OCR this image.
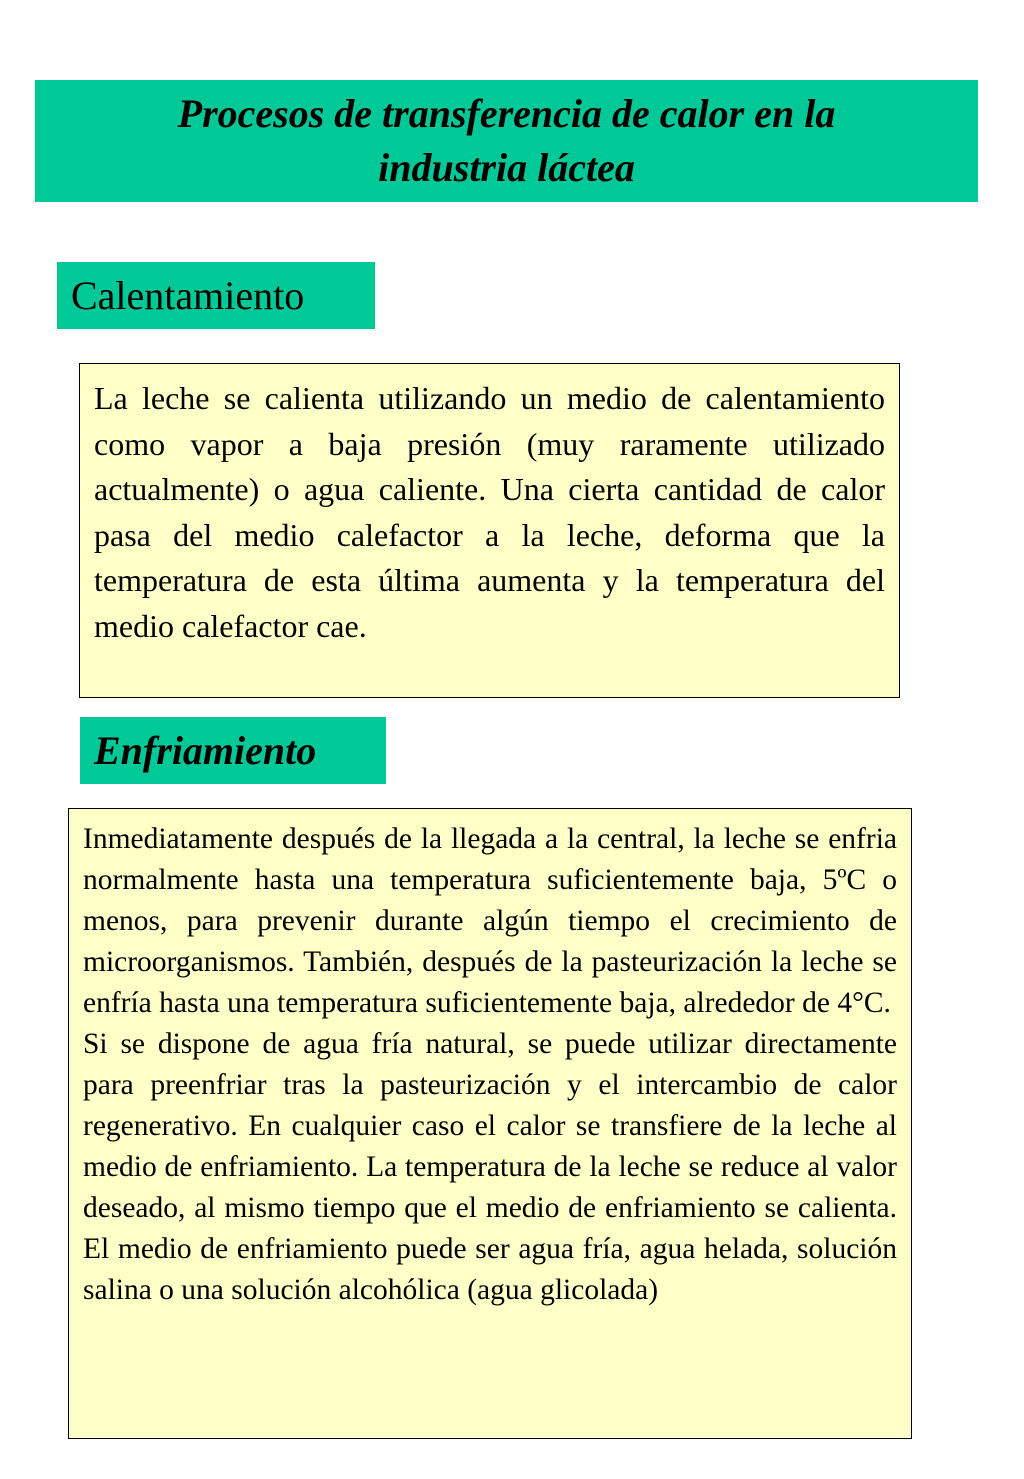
Procesos de transferencia de calor en la
industria láctea
Calentamiento

La leche se calienta utilizando un medio de calentamiento como vapor a baja presión (muy raramente utilizado actualmente) o agua caliente. Una cierta cantidad de calor pasa del medio calefactor a la leche, deforma que la temperatura de esta última aumenta y la temperatura del medio calefactor cae.

Enfriamiento

Inmediatamente después de la llegada a la central, la leche se enfria normalmente hasta una temperatura suficientemente baja, 5ºC o menos, para prevenir durante algún tiempo el crecimiento de microorganismos. También, después de la pasteurización la leche se enfría hasta una temperatura suficientemente baja, alrededor de 4°C.

Si se dispone de agua fría natural, se puede utilizar directamente para preenfriar tras la pasteurización y el intercambio de calor regenerativo. En cualquier caso el calor se transfiere de la leche al medio de enfriamiento. La temperatura de la leche se reduce al valor deseado, al mismo tiempo que el medio de enfriamiento se calienta. El medio de enfriamiento puede ser agua fría, agua helada, solución salina o una solución alcohólica (agua glicolada)
